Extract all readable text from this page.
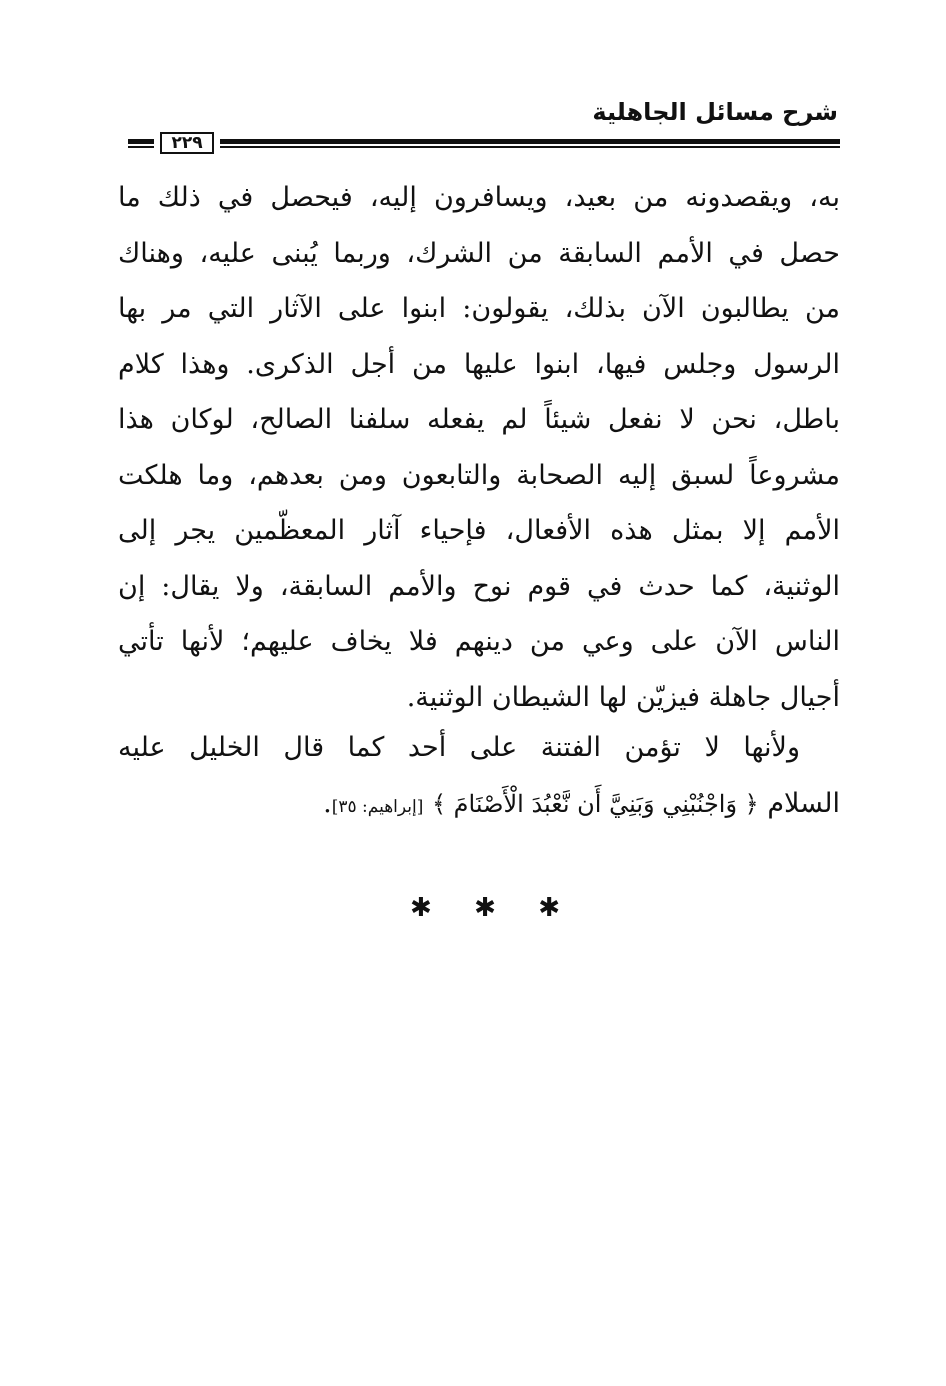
شرح مسائل الجاهلية
٢٢٩
به، ويقصدونه من بعيد، ويسافرون إليه، فيحصل في ذلك ما
حصل في الأمم السابقة من الشرك، وربما يُبنى عليه، وهناك
من يطالبون الآن بذلك، يقولون: ابنوا على الآثار التي مر بها
الرسول وجلس فيها، ابنوا عليها من أجل الذكرى. وهذا كلام
باطل، نحن لا نفعل شيئاً لم يفعله سلفنا الصالح، لوكان هذا
مشروعاً لسبق إليه الصحابة والتابعون ومن بعدهم، وما هلكت
الأمم إلا بمثل هذه الأفعال، فإحياء آثار المعظّمين يجر إلى
الوثنية، كما حدث في قوم نوح والأمم السابقة، ولا يقال: إن
الناس الآن على وعي من دينهم فلا يخاف عليهم؛ لأنها تأتي
أجيال جاهلة فيزيّن لها الشيطان الوثنية.
ولأنها لا تؤمن الفتنة على أحد كما قال الخليل عليه
السلام ﴿ وَاجْنُبْنِي وَبَنِيَّ أَن نَّعْبُدَ الْأَصْنَامَ ﴾ [إبراهيم: ٣٥].
✱ ✱ ✱
